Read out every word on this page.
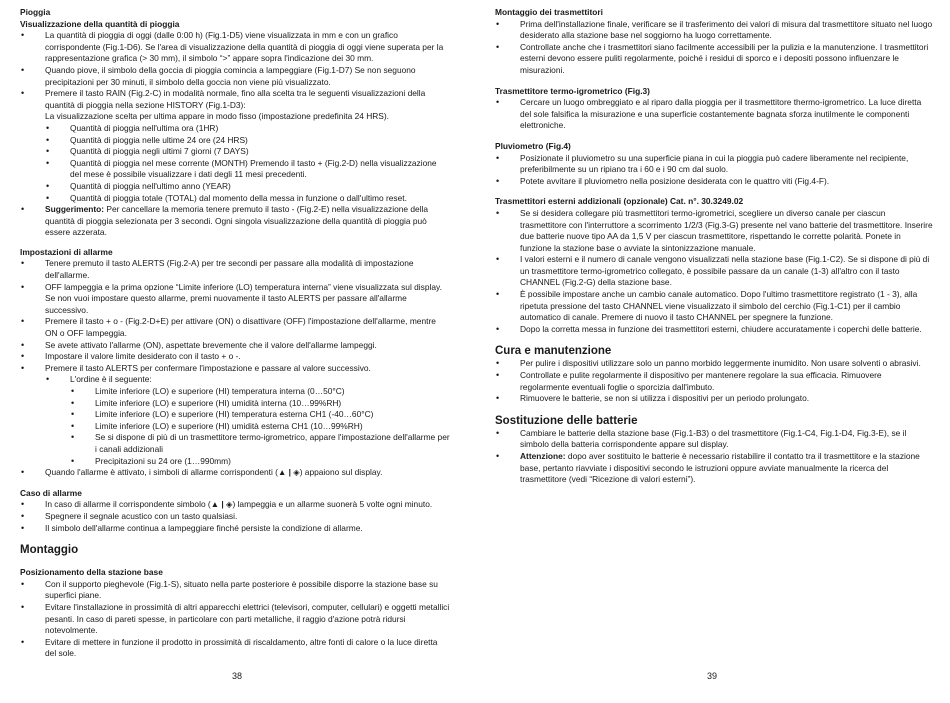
Pioggia
Visualizzazione della quantità di pioggia
• La quantità di pioggia di oggi (dalle 0:00 h) (Fig.1-D5) viene visualizzata in mm e con un grafico corrispondente (Fig.1-D6). Se l'area di visualizzazione della quantità di pioggia di oggi viene superata per la rappresentazione grafica (> 30 mm), il simbolo “>” appare sopra l'indicazione dei 30 mm.
• Quando piove, il simbolo della goccia di pioggia comincia a lampeggiare (Fig.1-D7) Se non seguono precipitazioni per 30 minuti, il simbolo della goccia non viene più visualizzato.
• Premere il tasto RAIN (Fig.2-C) in modalità normale, fino alla scelta tra le seguenti visualizzazioni della quantità di pioggia nella sezione HISTORY (Fig.1-D3):
La visualizzazione scelta per ultima appare in modo fisso (impostazione predefinita 24 HRS).
• Quantità di pioggia nell'ultima ora (1HR)
• Quantità di pioggia nelle ultime 24 ore (24 HRS)
• Quantità di pioggia negli ultimi 7 giorni (7 DAYS)
• Quantità di pioggia nel mese corrente (MONTH) Premendo il tasto + (Fig.2-D) nella visualizzazione del mese è possibile visualizzare i dati degli 11 mesi precedenti.
• Quantità di pioggia nell'ultimo anno (YEAR)
• Quantità di pioggia totale (TOTAL) dal momento della messa in funzione o dall'ultimo reset.
• Suggerimento: Per cancellare la memoria tenere premuto il tasto - (Fig.2-E) nella visualizzazione della quantità di pioggia selezionata per 3 secondi. Ogni singola visualizzazione della quantità di pioggia può essere azzerata.
Impostazioni di allarme
• Tenere premuto il tasto ALERTS (Fig.2-A) per tre secondi per passare alla modalità di impostazione dell'allarme.
• OFF lampeggia e la prima opzione “Limite inferiore (LO) temperatura interna” viene visualizzata sul display. Se non vuoi impostare questo allarme, premi nuovamente il tasto ALERTS per passare all'allarme successivo.
• Premere il tasto + o - (Fig.2-D+E) per attivare (ON) o disattivare (OFF) l'impostazione dell'allarme, mentre ON o OFF lampeggia.
• Se avete attivato l'allarme (ON), aspettate brevemente che il valore dell'allarme lampeggi.
• Impostare il valore limite desiderato con il tasto + o -.
• Premere il tasto ALERTS per confermare l'impostazione e passare al valore successivo.
• L'ordine è il seguente:
• Limite inferiore (LO) e superiore (HI) temperatura interna (0…50°C)
• Limite inferiore (LO) e superiore (HI) umidità interna (10…99%RH)
• Limite inferiore (LO) e superiore (HI) temperatura esterna CH1 (-40…60°C)
• Limite inferiore (LO) e superiore (HI) umidità esterna CH1 (10…99%RH)
• Se si dispone di più di un trasmettitore termo-igrometrico, appare l'impostazione dell'allarme per i canali addizionali
• Precipitazioni su 24 ore (1…990mm)
• Quando l'allarme è attivato, i simboli di allarme corrispondenti (▲ | ◈) appaiono sul display.
Caso di allarme
• In caso di allarme il corrispondente simbolo (▲ | ◈) lampeggia e un allarme suonerà 5 volte ogni minuto.
• Spegnere il segnale acustico con un tasto qualsiasi.
• Il simbolo dell'allarme continua a lampeggiare finché persiste la condizione di allarme.
Montaggio
Posizionamento della stazione base
• Con il supporto pieghevole (Fig.1-S), situato nella parte posteriore è possibile disporre la stazione base su superfici piane.
• Evitare l'installazione in prossimità di altri apparecchi elettrici (televisori, computer, cellulari) e oggetti metallici pesanti. In caso di pareti spesse, in particolare con parti metalliche, il raggio d'azione potrà ridursi notevolmente.
• Evitare di mettere in funzione il prodotto in prossimità di riscaldamento, altre fonti di calore o la luce diretta del sole.
Montaggio dei trasmettitori
• Prima dell'installazione finale, verificare se il trasferimento dei valori di misura dal trasmettitore situato nel luogo desiderato alla stazione base nel soggiorno ha luogo correttamente.
• Controllate anche che i trasmettitori siano facilmente accessibili per la pulizia e la manutenzione. I trasmettitori esterni devono essere puliti regolarmente, poiché i residui di sporco e i depositi possono influenzare le misurazioni.
Trasmettitore termo-igrometrico (Fig.3)
• Cercare un luogo ombreggiato e al riparo dalla pioggia per il trasmettitore thermo-igrometrico. La luce diretta del sole falsifica la misurazione e una superficie costantemente bagnata sforza inutilmente le componenti elettroniche.
Pluviometro (Fig.4)
• Posizionate il pluviometro su una superficie piana in cui la pioggia può cadere liberamente nel recipiente, preferibilmente su un ripiano tra i 60 e i 90 cm dal suolo.
• Potete avvitare il pluviometro nella posizione desiderata con le quattro viti (Fig.4-F).
Trasmettitori esterni addizionali (opzionale) Cat. n°. 30.3249.02
• Se si desidera collegare più trasmettitori termo-igrometrici, scegliere un diverso canale per ciascun trasmettitore con l'interruttore a scorrimento 1/2/3 (Fig.3-G) presente nel vano batterie del trasmettitore. Inserire due batterie nuove tipo AA da 1,5 V per ciascun trasmettitore, rispettando le corrette polarità. Ponete in funzione la stazione base o avviate la sintonizzazione manuale.
• I valori esterni e il numero di canale vengono visualizzati nella stazione base (Fig.1-C2). Se si dispone di più di un trasmettitore termo-igrometrico collegato, è possibile passare da un canale (1-3) all'altro con il tasto CHANNEL (Fig.2-G) della stazione base.
• È possibile impostare anche un cambio canale automatico. Dopo l'ultimo trasmettitore registrato (1 - 3), alla ripetuta pressione del tasto CHANNEL viene visualizzato il simbolo del cerchio (Fig.1-C1) per il cambio automatico di canale. Premere di nuovo il tasto CHANNEL per spegnere la funzione.
• Dopo la corretta messa in funzione dei trasmettitori esterni, chiudere accuratamente i coperchi delle batterie.
Cura e manutenzione
• Per pulire i dispositivi utilizzare solo un panno morbido leggermente inumidito. Non usare solventi o abrasivi.
• Controllate e pulite regolarmente il dispositivo per mantenere regolare la sua efficacia. Rimuovere regolarmente eventuali foglie o sporcizia dall'imbuto.
• Rimuovere le batterie, se non si utilizza i dispositivi per un periodo prolungato.
Sostituzione delle batterie
• Cambiare le batterie della stazione base (Fig.1-B3) o del trasmettitore (Fig.1-C4, Fig.1-D4, Fig.3-E), se il simbolo della batteria corrispondente appare sul display.
• Attenzione: dopo aver sostituito le batterie è necessario ristabilire il contatto tra il trasmettitore e la stazione base, pertanto riavviate i dispositivi secondo le istruzioni oppure avviate manualmente la ricerca del trasmettitore (vedi “Ricezione di valori esterni”).
38	39
